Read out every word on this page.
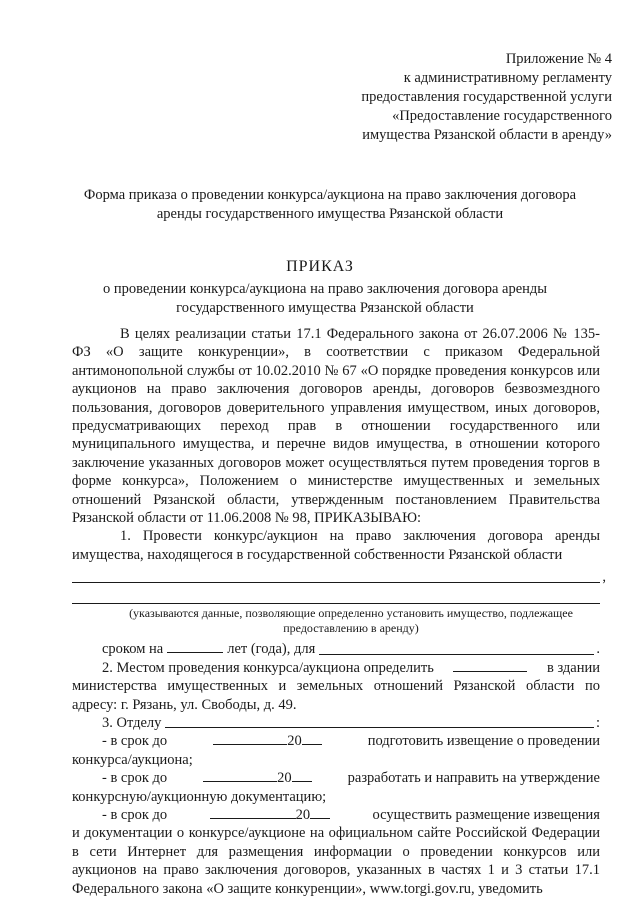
Приложение № 4
к административному регламенту
предоставления государственной услуги
«Предоставление государственного
имущества Рязанской области в аренду»
Форма приказа о проведении конкурса/аукциона на право заключения договора аренды государственного имущества Рязанской области
ПРИКАЗ
о проведении конкурса/аукциона на право заключения договора аренды государственного имущества Рязанской области

В целях реализации статьи 17.1 Федерального закона от 26.07.2006 № 135-ФЗ «О защите конкуренции», в соответствии с приказом Федеральной антимонопольной службы от 10.02.2010 № 67 «О порядке проведения конкурсов или аукционов на право заключения договоров аренды, договоров безвозмездного пользования, договоров доверительного управления имуществом, иных договоров, предусматривающих переход прав в отношении государственного или муниципального имущества, и перечне видов имущества, в отношении которого заключение указанных договоров может осуществляться путем проведения торгов в форме конкурса», Положением о министерстве имущественных и земельных отношений Рязанской области, утвержденным постановлением Правительства Рязанской области от 11.06.2008 № 98, ПРИКАЗЫВАЮ:

1. Провести конкурс/аукцион на право заключения договора аренды имущества, находящегося в государственной собственности Рязанской области

,
(указываются данные, позволяющие определенно установить имущество, подлежащее предоставлению в аренду)
сроком на	лет (года), для	.
2. Местом проведения конкурса/аукциона определить	в здании

министерства имущественных и земельных отношений Рязанской области по адресу: г. Рязань, ул. Свободы, д. 49.

3. Отделу	:
- в срок до	20	подготовить извещение о проведении

конкурса/аукциона;

- в срок до	20	разработать и направить на утверждение

конкурсную/аукционную документацию;

- в срок до	20	осуществить размещение извещения

и документации о конкурсе/аукционе на официальном сайте Российской Федерации в сети Интернет для размещения информации о проведении конкурсов или аукционов на право заключения договоров, указанных в частях 1 и 3 статьи 17.1 Федерального закона «О защите конкуренции», www.torgi.gov.ru, уведомить
